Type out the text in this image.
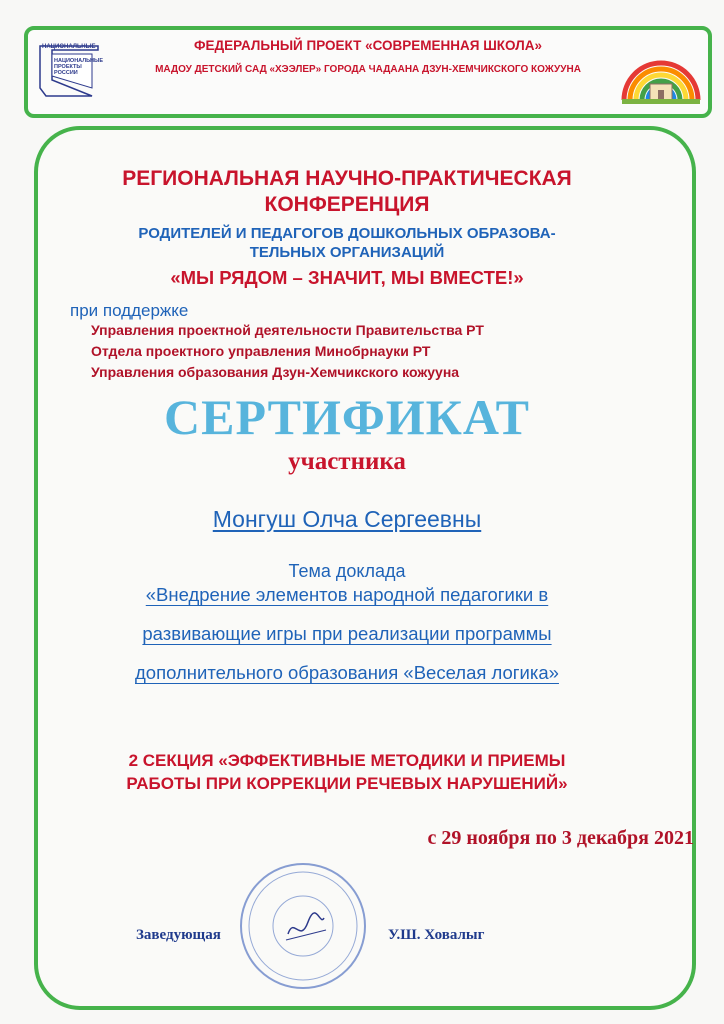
НАЦИОНАЛЬНЫЕ
НАЦИОНАЛЬНЫЕ
ПРОЕКТЫ
РОССИИ
ФЕДЕРАЛЬНЫЙ ПРОЕКТ «СОВРЕМЕННАЯ ШКОЛА»
МАДОУ ДЕТСКИЙ САД «ХЭЭЛЕР» ГОРОДА ЧАДААНА ДЗУН-ХЕМЧИКСКОГО КОЖУУНА
РЕГИОНАЛЬНАЯ НАУЧНО-ПРАКТИЧЕСКАЯ
КОНФЕРЕНЦИЯ
РОДИТЕЛЕЙ И ПЕДАГОГОВ ДОШКОЛЬНЫХ ОБРАЗОВА-
ТЕЛЬНЫХ ОРГАНИЗАЦИЙ
«МЫ РЯДОМ – ЗНАЧИТ, МЫ ВМЕСТЕ!»
при поддержке
Управления проектной деятельности Правительства РТ
Отдела проектного управления Минобрнауки РТ
Управления образования Дзун-Хемчикского кожууна
СЕРТИФИКАТ
участника
Монгуш Олча Сергеевны
Тема доклада
«Внедрение элементов народной педагогики в
развивающие игры при реализации программы
дополнительного образования «Веселая логика»
2 СЕКЦИЯ «ЭФФЕКТИВНЫЕ МЕТОДИКИ И ПРИЕМЫ
РАБОТЫ ПРИ КОРРЕКЦИИ РЕЧЕВЫХ НАРУШЕНИЙ»
с 29 ноября по 3 декабря 2021
Заведующая	У.Ш. Ховалыг
